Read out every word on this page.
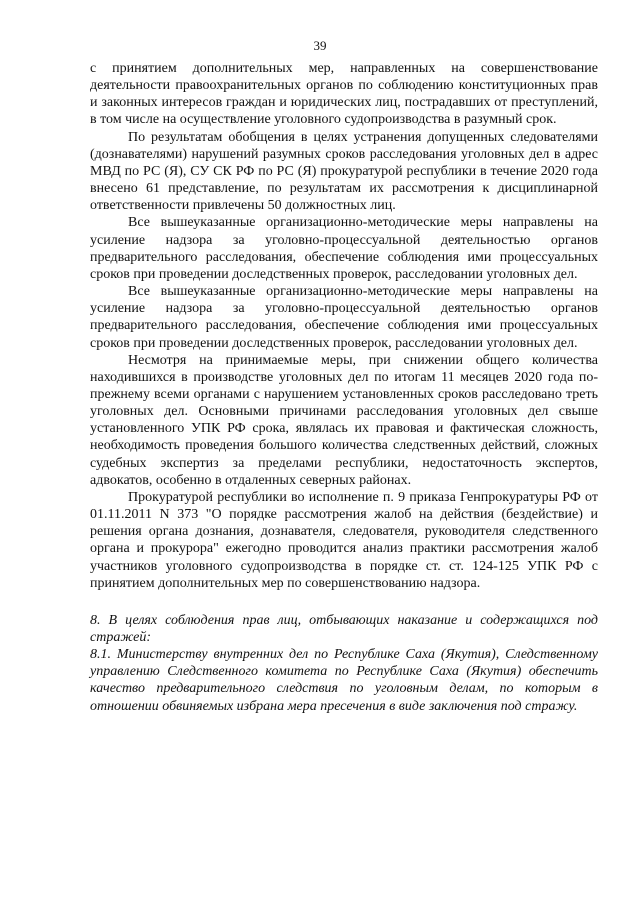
39

с принятием дополнительных мер, направленных на совершенствование деятельности правоохранительных органов по соблюдению конституционных прав и законных интересов граждан и юридических лиц, пострадавших от преступлений, в том числе на осуществление уголовного судопроизводства в разумный срок.

По результатам обобщения в целях устранения допущенных следователями (дознавателями) нарушений разумных сроков расследования уголовных дел в адрес МВД по РС (Я), СУ СК РФ по РС (Я) прокуратурой республики в течение 2020 года внесено 61 представление, по результатам их рассмотрения к дисциплинарной ответственности привлечены 50 должностных лиц.

Все вышеуказанные организационно-методические меры направлены на усиление надзора за уголовно-процессуальной деятельностью органов предварительного расследования, обеспечение соблюдения ими процессуальных сроков при проведении доследственных проверок, расследовании уголовных дел.

Все вышеуказанные организационно-методические меры направлены на усиление надзора за уголовно-процессуальной деятельностью органов предварительного расследования, обеспечение соблюдения ими процессуальных сроков при проведении доследственных проверок, расследовании уголовных дел.

Несмотря на принимаемые меры, при снижении общего количества находившихся в производстве уголовных дел по итогам 11 месяцев 2020 года по-прежнему всеми органами с нарушением установленных сроков расследовано треть уголовных дел. Основными причинами расследования уголовных дел свыше установленного УПК РФ срока, являлась их правовая и фактическая сложность, необходимость проведения большого количества следственных действий, сложных судебных экспертиз за пределами республики, недостаточность экспертов, адвокатов, особенно в отдаленных северных районах.

Прокуратурой республики во исполнение п. 9 приказа Генпрокуратуры РФ от 01.11.2011 N 373 "О порядке рассмотрения жалоб на действия (бездействие) и решения органа дознания, дознавателя, следователя, руководителя следственного органа и прокурора" ежегодно проводится анализ практики рассмотрения жалоб участников уголовного судопроизводства в порядке ст. ст. 124-125 УПК РФ с принятием дополнительных мер по совершенствованию надзора.

8. В целях соблюдения прав лиц, отбывающих наказание и содержащихся под стражей:

8.1. Министерству внутренних дел по Республике Саха (Якутия), Следственному управлению Следственного комитета по Республике Саха (Якутия) обеспечить качество предварительного следствия по уголовным делам, по которым в отношении обвиняемых избрана мера пресечения в виде заключения под стражу.
